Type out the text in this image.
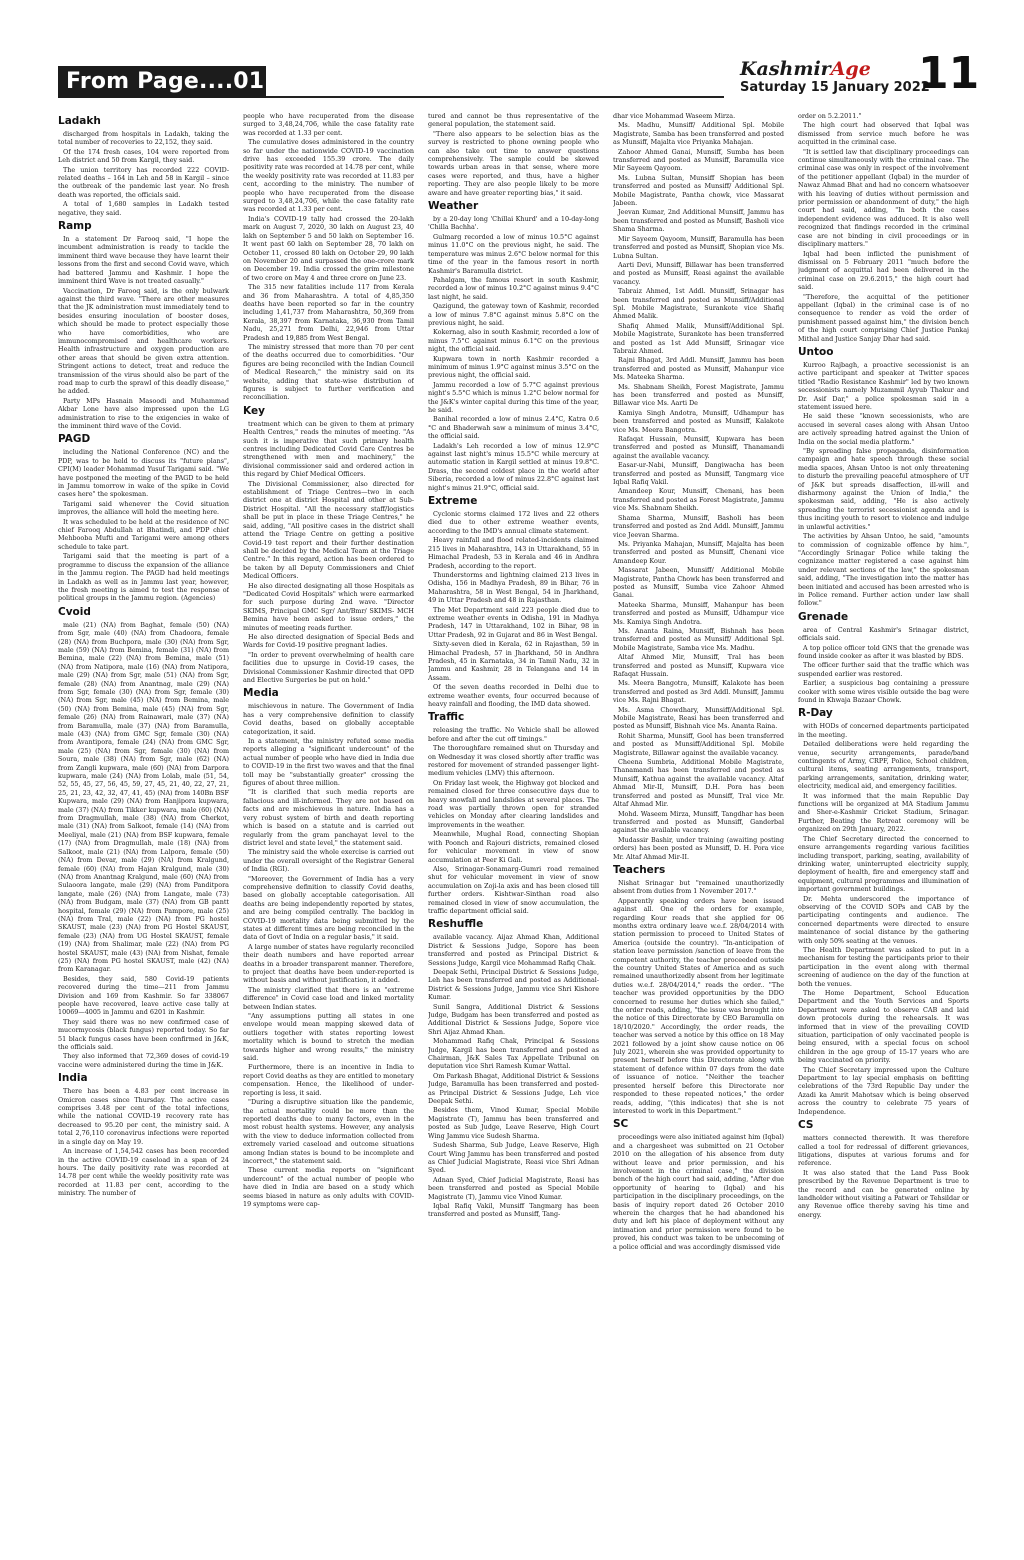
From Page....01	KashmirAge
Saturday 15 January 2022
11
Ladakh

discharged from hospitals in Ladakh, taking the total number of recoveries to 22,152, they said.

Of the 174 fresh cases, 104 were reported from Leh district and 50 from Kargil, they said.

The union territory has recorded 222 COVID-related deaths – 164 in Leh and 58 in Kargil – since the outbreak of the pandemic last year. No fresh death was reported, the officials said.

A total of 1,680 samples in Ladakh tested negative, they said.

Ramp

In a statement Dr Farooq said, "I hope the incumbent administration is ready to tackle the imminent third wave because they have learnt their lessons from the first and second Covid wave, which had battered Jammu and Kashmir. I hope the imminent third Wave is not treated casually."

Vaccination, Dr Farooq said, is the only bulwark against the third wave. "There are other measures that the JK administration must immediately tend to besides ensuring inoculation of booster doses, which should be made to protect especially those who have comorbidities, who are immunocompromised and healthcare workers. Health infrastructure and oxygen production are other areas that should be given extra attention. Stringent actions to detect, treat and reduce the transmission of the virus should also be part of the road map to curb the sprawl of this deadly disease," he added.

Party MPs Hasnain Masoodi and Muhammad Akbar Lone have also impressed upon the LG administration to rise to the exigencies in wake of the imminent third wave of the Covid.

PAGD

including the National Conference (NC) and the PDP, was to be held to discuss its "future plans", CPI(M) leader Mohammad Yusuf Tarigami said. "We have postponed the meeting of the PAGD to be held in Jammu tomorrow in wake of the spike in Covid cases here" the spokesman.

Tarigami said whenever the Covid situation improves, the alliance will hold the meeting here.

It was scheduled to be held at the residence of NC chief Farooq Abdullah at Bhatindi, and PDP chief Mehbooba Mufti and Tarigami were among others schedule to take part.

Tarigami said that the meeting is part of a programme to discuss the expansion of the alliance in the Jammu region. The PAGD had held meetings in Ladakh as well as in Jammu last year, however, the fresh meeting is aimed to test the response of political groups in the Jammu region. (Agencies)

Cvoid

male (21) (NA) from Baghat, female (50) (NA) from Sgr, male (40) (NA) from Chadoora, female (28) (NA) from Buchpora, male (30) (NA) from Sgr, male (59) (NA) from Bemina, female (31) (NA) from Bemina, male (22) (NA) from Bemina, male (51) (NA) from Natipora, male (16) (NA) from Natipora, male (29) (NA) from Sgr, male (51) (NA) from Sgr, female (28) (NA) from Anantnag, male (29) (NA) from Sgr, female (30) (NA) from Sgr, female (30) (NA) from Sgr, male (45) (NA) from Bemina, male (50) (NA) from Bemina, male (45) (NA) from Sgr, female (26) (NA) from Rainawari, male (37) (NA) from Baramulla, male (37) (NA) from Baramulla, male (43) (NA) from GMC Sgr, female (30) (NA) from Avantipora, female (24) (NA) from GMC Sgr, male (25) (NA) from Sgr, female (30) (NA) from Soura, male (38) (NA) from Sgr, male (62) (NA) from Zangli kupwara, male (60) (NA) from Darpora kupwara, male (24) (NA) from Lolab, male (51, 54, 52, 55, 45, 27, 56, 45, 59, 27, 45, 21, 40, 22, 27, 21, 25, 21, 23, 42, 32, 47, 41, 45) (NA) from 140Bn BSF Kupwara, male (29) (NA) from Hanjipora kupwara, male (37) (NA) from Tikker kupwara, male (60) (NA) from Dragmullah, male (38) (NA) from Cherkot, male (31) (NA) from Salkoot, female (14) (NA) from Meeliyal, male (21) (NA) from BSF kupwara, female (17) (NA) from Dragmullah, male (18) (NA) from Salkoot, male (21) (NA) from Lalpora, female (50) (NA) from Devar, male (29) (NA) from Kralgund, female (60) (NA) from Hajan Kralgund, male (30) (NA) from Anantnag Kralgund, male (60) (NA) from Sulaoora langate, male (29) (NA) from Panditpora langate, male (26) (NA) from Langate, male (73) (NA) from Budgam, male (37) (NA) from GB pantt hospital, female (29) (NA) from Pampore, male (25) (NA) from Tral, male (22) (NA) from PG hostel SKAUST, male (23) (NA) from PG Hostel SKAUST, female (23) (NA) from UG Hostel SKAUST, female (19) (NA) from Shalimar, male (22) (NA) from PG hostel SKAUST, male (43) (NA) from Nishat, female (25) (NA) from PG hostel SKAUST, male (42) (NA) from Karanagar.

Besides, they said, 580 Covid-19 patients recovered during the time—211 from Jammu Division and 169 from Kashmir. So far 338067 people have recovered, leave active case tally at 10069—4005 in Jammu and 6201 in Kashmir.

They said there was no new confirmed case of mucormycosis (black fungus) reported today. So far 51 black fungus cases have been confirmed in J&K, the officials said.

They also informed that 72,369 doses of covid-19 vaccine were administered during the time in J&K.

India

There has been a 4.83 per cent increase in Omicron cases since Thursday. The active cases comprises 3.48 per cent of the total infections, while the national COVID-19 recovery rate has decreased to 95.20 per cent, the ministry said. A total 2,76,110 coronavirus infections were reported in a single day on May 19.

An increase of 1,54,542 cases has been recorded in the active COVID-19 caseload in a span of 24 hours. The daily positivity rate was recorded at 14.78 per cent while the weekly positivity rate was recorded at 11.83 per cent, according to the ministry. The number of

people who have recuperated from the disease surged to 3,48,24,706, while the case fatality rate was recorded at 1.33 per cent.

The cumulative doses administered in the country so far under the nationwide COVID-19 vaccination drive has exceeded 155.39 crore. The daily positivity rate was recorded at 14.78 per cent, while the weekly positivity rate was recorded at 11.83 per cent, according to the ministry. The number of people who have recuperated from the disease surged to 3,48,24,706, while the case fatality rate was recorded at 1.33 per cent.

India's COVID-19 tally had crossed the 20-lakh mark on August 7, 2020, 30 lakh on August 23, 40 lakh on September 5 and 50 lakh on September 16. It went past 60 lakh on September 28, 70 lakh on October 11, crossed 80 lakh on October 29, 90 lakh on November 20 and surpassed the one-crore mark on December 19. India crossed the grim milestone of two crore on May 4 and three crore on June 23.

The 315 new fatalities include 117 from Kerala and 36 from Maharashtra. A total of 4,85,350 deaths have been reported so far in the country including 1,41,737 from Maharashtra, 50,369 from Kerala, 38,397 from Karnataka, 36,930 from Tamil Nadu, 25,271 from Delhi, 22,946 from Uttar Pradesh and 19,885 from West Bengal.

The ministry stressed that more than 70 per cent of the deaths occurred due to comorbidities. "Our figures are being reconciled with the Indian Council of Medical Research," the ministry said on its website, adding that state-wise distribution of figures is subject to further verification and reconciliation.

Key

treatment which can be given to them at primary Health Centres," reads the minutes of meeting. "As such it is imperative that such primary health centres including Dedicated Covid Care Centres be strengthened with men and machinery," the divisional commissioner said and ordered action in this regard by Chief Medical Officers.

The Divisional Commissioner, also directed for establishment of Triage Centres—two in each district one at district Hospital and other at Sub-District Hospital. "All the necessary staff/logistics shall be put in place in these Triage Centres," he said, adding, "All positive cases in the district shall attend the Triage Centre on getting a positive Covid-19 test report and their further destination shall be decided by the Medical Team at the Triage Centre." In this regard, action has been ordered to be taken by all Deputy Commissioners and Chief Medical Officers.

He also directed designating all those Hospitals as "Dedicated Covid Hospitals" which were earmarked for such purpose during 2nd wave. "Director SKIMS, Principal GMC Sgr/ Ant/Bmr/ SKIMS- MCH Bemina have been asked to issue orders," the minutes of meeting reads further.

He also directed designation of Special Beds and Wards for Covid-19 positive pregnant ladies.

"In order to prevent overwhelming of health care facilities due to upsurge in Covid-19 cases, the Divisional Commissioner Kashmir directed that OPD and Elective Surgeries be put on hold."

Media

mischievous in nature. The Government of India has a very comprehensive definition to classify Covid deaths, based on globally acceptable categorization, it said.

In a statement, the ministry refuted some media reports alleging a "significant undercount" of the actual number of people who have died in India due to COVID-19 in the first two waves and that the final toll may be "substantially greater" crossing the figures of about three million.

"It is clarified that such media reports are fallacious and ill-informed. They are not based on facts and are mischievous in nature. India has a very robust system of birth and death reporting which is based on a statute and is carried out regularly from the gram panchayat level to the district level and state level," the statement said.

The ministry said the whole exercise is carried out under the overall oversight of the Registrar General of India (RGI).

"Moreover, the Government of India has a very comprehensive definition to classify Covid deaths, based on globally acceptable categorisation. All deaths are being independently reported by states, and are being compiled centrally. The backlog in COVID-19 mortality data being submitted by the states at different times are being reconciled in the data of Govt of India on a regular basis," it said.

A large number of states have regularly reconciled their death numbers and have reported arrear deaths in a broader transparent manner. Therefore, to project that deaths have been under-reported is without basis and without justification, it added.

The ministry clarified that there is an "extreme difference" in Covid case load and linked mortality between Indian states.

"Any assumptions putting all states in one envelope would mean mapping skewed data of outliers together with states reporting lowest mortality which is bound to stretch the median towards higher and wrong results," the ministry said.

Furthermore, there is an incentive in India to report Covid deaths as they are entitled to monetary compensation. Hence, the likelihood of under-reporting is less, it said.

"During a disruptive situation like the pandemic, the actual mortality could be more than the reported deaths due to many factors, even in the most robust health systems. However, any analysis with the view to deduce information collected from extremely varied caseload and outcome situations among Indian states is bound to be incomplete and incorrect," the statement said.

These current media reports on "significant undercount" of the actual number of people who have died in India are based on a study which seems biased in nature as only adults with COVID-19 symptoms were cap-

tured and cannot be thus representative of the general population, the statement said.

"There also appears to be selection bias as the survey is restricted to phone owning people who can also take out time to answer questions comprehensively. The sample could be skewed towards urban areas in that sense, where more cases were reported, and thus, have a higher reporting. They are also people likely to be more aware and have greater reporting bias," it said.

Weather

by a 20-day long 'Chillai Khurd' and a 10-day-long 'Chilla Bachha'.

Gulmarg recorded a low of minus 10.5°C against minus 11.0°C on the previous night, he said. The temperature was minus 2.6°C below normal for this time of the year in the famous resort in north Kashmir's Baramulla district.

Pahalgam, the famous resort in south Kashmir, recorded a low of minus 10.2°C against minus 9.4°C last night, he said.

Qazigund, the gateway town of Kashmir, recorded a low of minus 7.8°C against minus 5.8°C on the previous night, he said.

Kokernag, also in south Kashmir, recorded a low of minus 7.5°C against minus 6.1°C on the previous night, the official said.

Kupwara town in north Kashmir recorded a minimum of minus 1.9°C against minus 3.5°C on the previous night, the official said.

Jammu recorded a low of 5.7°C against previous night's 5.5°C which is minus 1.2°C below normal for the J&K's winter capital during this time of the year, he said.

Banihal recorded a low of minus 2.4°C, Katra 0.6 °C and Bhaderwah saw a minimum of minus 3.4°C, the official said.

Ladakh's Leh recorded a low of minus 12.9°C against last night's minus 15.5°C while mercury at automatic station in Kargil settled at minus 19.8°C. Drass, the second coldest place in the world after Siberia, recorded a low of minus 22.8°C against last night's minus 21.9°C, official said.

Extreme

Cyclonic storms claimed 172 lives and 22 others died due to other extreme weather events, according to the IMD's annual climate statement.

Heavy rainfall and flood related-incidents claimed 215 lives in Maharashtra, 143 in Uttarakhand, 55 in Himachal Pradesh, 53 in Kerala and 46 in Andhra Pradesh, according to the report.

Thunderstorms and lightning claimed 213 lives in Odisha, 156 in Madhya Pradesh, 89 in Bihar, 76 in Maharashtra, 58 in West Bengal, 54 in Jharkhand, 49 in Uttar Pradesh and 48 in Rajasthan.

The Met Department said 223 people died due to extreme weather events in Odisha, 191 in Madhya Pradesh, 147 in Uttarakhand, 102 in Bihar, 98 in Uttar Pradesh, 92 in Gujarat and 86 in West Bengal.

Sixty-seven died in Kerala, 62 in Rajasthan, 59 in Himachal Pradesh, 57 in Jharkhand, 50 in Andhra Pradesh, 45 in Karnataka, 34 in Tamil Nadu, 32 in Jammu and Kashmir, 28 in Telangana and 14 in Assam.

Of the seven deaths recorded in Delhi due to extreme weather events, four occurred because of heavy rainfall and flooding, the IMD data showed.

Traffic

releasing the traffic. No Vehicle shall be allowed before and after the cut off timings."

The thoroughfare remained shut on Thursday and on Wednesday it was closed shortly after traffic was restored for movement of stranded passenger light-medium vehicles (LMV) this afternoon.

On Friday last week, the Highway got blocked and remained closed for three consecutive days due to heavy snowfall and landslides at several places. The road was partially thrown open for stranded vehicles on Monday after clearing landslides and improvements in the weather.

Meanwhile, Mughal Road, connecting Shopian with Poonch and Rajouri districts, remained closed for vehicular movement in view of snow accumulation at Peer Ki Gali.

Also, Srinagar-Sonamarg-Gumri road remained shut for vehicular movement in view of snow accumulation on Zoji-la axis and has been closed till further orders. Kishtwar-Sinthan road also remained closed in view of snow accumulation, the traffic department official said.

Reshuffle

available vacancy. Aijaz Ahmad Khan, Additional District & Sessions Judge, Sopore has been transferred and posted as Principal District & Sessions Judge, Kargil vice Mohammad Rafiq Chak.

Deepak Sethi, Principal District & Sessions Judge, Leh has been transferred and posted as Additional- District & Sessions Judge, Jammu vice Shri Kishore Kumar.

Sunil Sangra, Additional District & Sessions Judge, Budgam has been transferred and posted as Additional District & Sessions Judge, Sopore vice Shri Aijaz Ahmad Khan.

Mohammad Rafiq Chak, Principal & Sessions Judge, Kargil has been transferred and posted as Chairman, J&K Sales Tax Appellate Tribunal on deputation vice Shri Ramesh Kumar Wattal.

Om Parkash Bhagat, Additional District & Sessions Judge, Baramulla has been transferred and posted- as Principal District & Sessions Judge, Leh vice Deepak Sethi.

Besides them, Vinod Kumar, Special Mobile Magistrate (T), Jammu has been transferred and posted as Sub Judge, Leave Reserve, High Court Wing Jammu vice Sudesh Sharma.

Sudesh Sharma, Sub Judge, Leave Reserve, High Court Wing Jammu has been transferred and posted as Chief Judicial Magistrate, Reasi vice Shri Adnan Syed.

Adnan Syed, Chief Judicial Magistrate, Reasi has been transferred and posted as Special Mobile Magistrate (T), Jammu vice Vinod Kumar.

Iqbal Rafiq Vakil, Munsiff Tangmarg has been transferred and posted as Munsiff, Tang-

dhar vice Mohammad Waseem Mirza.

Ms. Madhu, Munsiff/ Additional Spl. Mobile Magistrate, Samba has been transferred and posted as Munsiff, Majalta vice Priyanka Mahajan.

Zahoor Ahmed Ganai, Munsiff, Sumba has been transferred and posted as Munsiff, Baramulla vice Mir Sayeem Qayoom.

Ms. Lubna Sultan, Munsiff Shopian has been transferred and posted as Munsiff/ Additional Spl. Mobile Magistrate, Pantha chowk, vice Massarat Jabeen.

Jeevan Kumar, 2nd Additional Munsiff, Jammu has been transferred and posted as Munsiff, Basholi vice Shama Sharma.

Mir Sayeem Qayoom, Munsiff, Baramulla has been transferred and posted as Munsiff, Shopian vice Ms. Lubna Sultan.

Aarti Devi, Munsiff, Billawar has been transferred and posted as Munsiff, Reasi against the available vacancy.

Tabraiz Ahmed, 1st Addl. Munsiff, Srinagar has been transferred and posted as Munsiff/Additional Spl. Mobile Magistrate, Surankote vice Shafiq Ahmed Malik.

Shafiq Ahmed Malik, Munsiff/Additional Spl. Mobile Magistrate, Surankote has been transferred and posted as 1st Add Munsiff, Srinagar vice Tabraiz Ahmed.

Rajni Bhagat, 3rd Addl. Munsiff, Jammu has been transferred and posted as Munsiff, Mahanpur vice Ms. Mateeka Sharma.

Ms. Shabnam Sheikh, Forest Magistrate, Jammu has been transferred and posted as Munsiff, Billawar vice Ms. Aarti De

Kamiya Singh Andotra, Munsiff, Udhampur has been transferred and posted as Munsiff, Kalakote vice Ms. Meera Bangotra.

Rafaqat Hussain, Munsiff, Kupwara has been transferred and posted as Munsiff, Thanamandi against the available vacancy.

Easar-ur-Nabi, Munsiff, Dangiwacha has been transferred and posted as Munsiff, Tangmarg vice Iqbal Rafiq Vakil.

Amandeep Kour, Munsiff, Chenani, has been transferred and posted as Forest Magistrate, Jammu vice Ms. Shabnam Sheikh.

Shama Sharma, Munsiff, Basholi has been transferred and posted as 2nd Addl. Munsiff, Jammu vice Jeevan Sharma.

Ms. Priyanka Mahajan, Munsiff, Majalta has been transferred and posted as Munsiff, Chenani vice Amandeep Kour.

Massarat Jabeen, Munsiff/ Additional Mobile Magistrate, Pantha Chowk has been transferred and posted as Munsiff, Sumba vice Zahoor Ahmed Ganai.

Mateeka Sharma, Munsiff, Mahanpur has been transferred and posted as Munsiff, Udhampur vice Ms. Kamiya Singh Andotra.

Ms. Ananta Raina, Munsiff, Bishnah has been transferred and posted as Munsiff/ Additional Spl. Mobile Magistrate, Samba vice Ms. Madhu.

Altaf Ahmed Mir, Munsiff, Tral has been transferred and posted as Munsiff, Kupwara vice Rafaqat Hussain.

Ms. Meera Bangotra, Munsiff, Kalakote has been transferred and posted as 3rd Addl. Munsiff, Jammu vice Ms. Rajni Bhagat.

Ms. Asma Chowdhary, Munsiff/Additional Spl. Mobile Magistrate, Reasi has been transferred and posted as Munsiff, Bishnah vice Ms. Ananta Raina.

Rohit Sharma, Munsiff, Gool has been transferred and posted as Munsiff/Additional Spl. Mobile Magistrate, Billawar against the available vacancy.

Cheena Sumbria, Additional Mobile Magistrate, Thanamandi has been transferred and posted as Munsiff, Kathua against the available vacancy. Altaf Ahmad Mir-II, Munsiff, D.H. Pora has been transferred and posted as Munsiff, Tral vice Mr. Altaf Ahmad Mir.

Mohd. Waseem Mirza, Munsiff, Tangdhar has been transferred and posted as Munsiff, Ganderbal against the available vacancy.

Mudassir Bashir, under training (awaiting posting orders) has been posted as Munsiff, D. H. Pora vice Mr. Altaf Ahmad Mir-II.

Teachers

Nishat Srinagar but "remained unauthorizedly absent from duties from 1 November 2017."

Apparently speaking orders have been issued against all. One of the orders for example, regarding Kour reads that she applied for 06 months extra ordinary leave w.e.f. 28/04/2014 with station permission to proceed to United States of America (outside the country). "In-anticipation of station leave permission /sanction of leave from the competent authority, the teacher proceeded outside the country United States of America and as such remained unauthorizedly absent from her legitimate duties w.e.f. 28/04/2014," reads the order.. "The teacher was provided opportunities by the DDO concerned to resume her duties which she failed," the order reads, adding, "the issue was brought into the notice of this Directorate by CEO Baramulla on 18/10/2020." Accordingly, the order reads, the teacher was served a notice by this office on 18 May 2021 followed by a joint show cause notice on 06 July 2021, wherein she was provided opportunity to present herself before this Directorate along with statement of defence within 07 days from the date of issuance of notice. "Neither the teacher presented herself before this Directorate nor responded to these repeated notices," the order reads, adding, "(this indicates) that she is not interested to work in this Department."

SC

proceedings were also initiated against him (Iqbal) and a chargesheet was submitted on 21 October 2010 on the allegation of his absence from duty without leave and prior permission, and his involvement in the criminal case," the division bench of the high court had said, adding, "After due opportunity of hearing to (Iqbal) and his participation in the disciplinary proceedings, on the basis of inquiry report dated 26 October 2010 wherein the charges that he had abandoned his duty and left his place of deployment without any intimation and prior permission were found to be proved, his conduct was taken to be unbecoming of a police official and was accordingly dismissed vide

order on 5.2.2011."

The high court had observed that Iqbal was dismissed from service much before he was acquitted in the criminal case.

"It is settled law that disciplinary proceedings can continue simultaneously with the criminal case. The criminal case was only in respect of the involvement of the petitioner appellant (Iqbal) in the murder of Nawaz Ahmad Bhat and had no concern whatsoever with his leaving of duties without permission and prior permission or abandonment of duty," the high court had said, adding, "In both the cases independent evidence was adduced. It is also well recognized that findings recorded in the criminal case are not binding in civil proceedings or in disciplinary matters."

Iqbal had been inflicted the punishment of dismissal on 5 February 2011 "much before the judgment of acquittal had been delivered in the criminal case on 29.6.2015," the high court had said.

"Therefore, the acquittal of the petitioner appellant (Iqbal) in the criminal case is of no consequence to render as void the order of punishment passed against him," the division bench of the high court comprising Chief Justice Pankaj Mithal and Justice Sanjay Dhar had said.

Untoo

Kurroo Rajbagh, a proactive secessionist is an active participant and speaker at Twitter spaces titled "Radio Resistance Kashmir" led by two known secessionists namely Muzammil Ayyub Thakur and Dr. Asif Dar," a police spokesman said in a statement issued here.

He said these "known secessionists, who are accused in several cases along with Ahsan Untoo are actively spreading hatred against the Union of India on the social media platform."

"By spreading false propaganda, disinformation campaign and hate speech through these social media spaces, Ahsan Untoo is not only threatening to disturb the prevailing peaceful atmosphere of UT of J&K but spreads disaffection, ill-will and disharmony against the Union of India," the spokesman said, adding, "He is also actively spreading the terrorist secessionist agenda and is thus inciting youth to resort to violence and indulge in unlawful activities."

The activities by Ahsan Untoo, he said, "amounts to commission of cognizable offence by him.", "Accordingly Srinagar Police while taking the cognizance matter registered a case against him under relevant sections of the law," the spokesman said, adding, "The investigation into the matter has been initiated and accused has been arrested who is in Police remand. Further action under law shall follow."

Grenade

area of Central Kashmir's Srinagar district, officials said.

A top police officer told GNS that the grenade was found inside cooker as after it was blasted by BDS.

The officer further said that the traffic which was suspended earlier was restored.

Earlier, a suspicious bag containing a pressure cooker with some wires visible outside the bag were found in Khwaja Bazaar Chowk.

R-Day

with HODs of concerned departments participated in the meeting.

Detailed deliberations were held regarding the venue, security arrangements, parade/band contingents of Army, CRPF, Police, School children, cultural items, seating arrangements, transport, parking arrangements, sanitation, drinking water, electricity, medical aid, and emergency facilities.

It was informed that the main Republic Day functions will be organized at MA Stadium Jammu and Sher-e-Kashmir Cricket Stadium, Srinagar. Further, Beating the Retreat ceremony will be organized on 29th January, 2022.

The Chief Secretary directed the concerned to ensure arrangements regarding various facilities including transport, parking, seating, availability of drinking water, uninterrupted electricity supply, deployment of health, fire and emergency staff and equipment, cultural programmes and illumination of important government buildings.

Dr. Mehta underscored the importance of observing of the COVID SOPs and CAB by the participating contingents and audience. The concerned departments were directed to ensure maintenance of social distance by the gathering with only 50% seating at the venues.

The Health Department was asked to put in a mechanism for testing the participants prior to their participation in the event along with thermal screening of audience on the day of the function at both the venues.

The Home Department, School Education Department and the Youth Services and Sports Department were asked to observe CAB and laid down protocols during the rehearsals. It was informed that in view of the prevailing COVID situation, participation of only vaccinated people is being ensured, with a special focus on school children in the age group of 15-17 years who are being vaccinated on priority.

The Chief Secretary impressed upon the Culture Department to lay special emphasis on befitting celebrations of the 73rd Republic Day under the Azadi ka Amrit Mahotsav which is being observed across the country to celebrate 75 years of Independence.

CS

matters connected therewith. It was therefore called a tool for redressal of different grievances, litigations, disputes at various forums and for reference.

It was also stated that the Land Pass Book prescribed by the Revenue Department is true to the record and can be generated online by landholder without visiting a Patwari or Tehsildar or any Revenue office thereby saving his time and energy.
